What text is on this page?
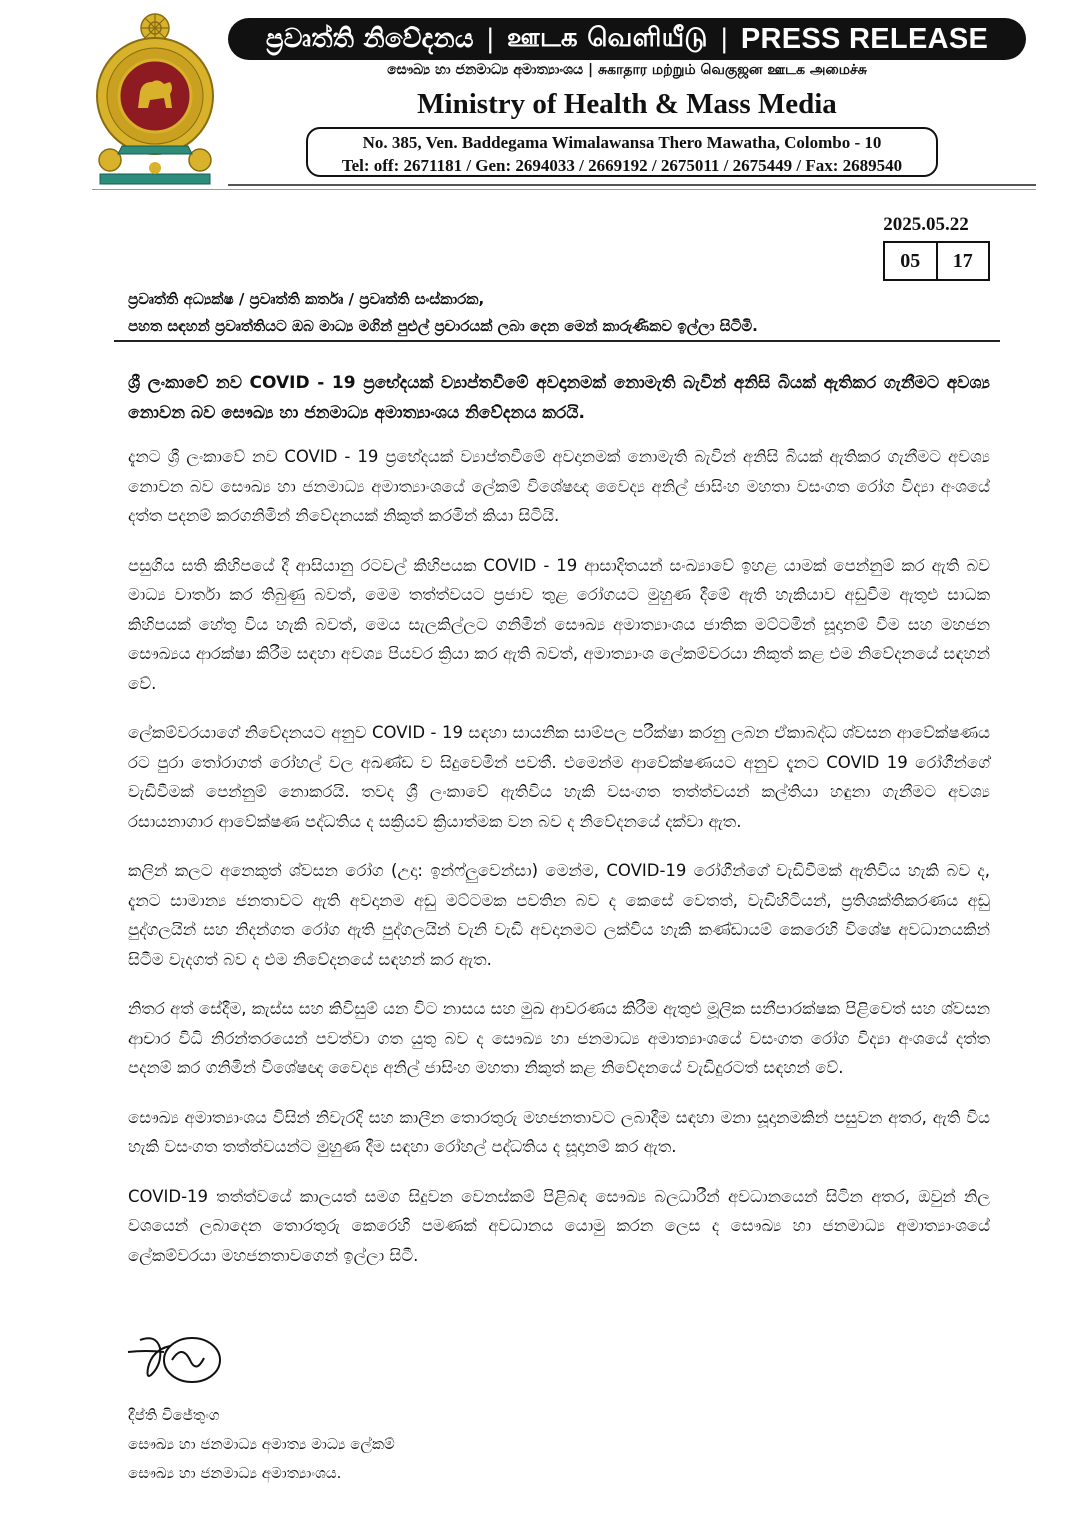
ප්‍රවෘත්ති නිවේදනය | ஊடக வெளியீடு | PRESS RELEASE
සෞඛ්‍ය හා ජනමාධ්‍ය අමාත්‍යාංශය | சுகாதார மற்றும் வெகுஜன ஊடக அமைச்சு
Ministry of Health & Mass Media
No. 385, Ven. Baddegama Wimalawansa Thero Mawatha, Colombo - 10
Tel: off: 2671181 / Gen: 2694033 / 2669192 / 2675011 / 2675449 / Fax: 2689540
2025.05.22
05	17
ප්‍රවෘත්ති අධ්‍යක්ෂ / ප්‍රවෘත්ති කර්තෘ / ප්‍රවෘත්ති සංස්කාරක,
පහත සඳහන් ප්‍රවෘත්තියට ඔබ මාධ්‍ය මගින් පුළුල් ප්‍රචාරයක් ලබා දෙන මෙන් කාරුණිකව ඉල්ලා සිටිමි.
ශ්‍රී ලංකාවේ නව COVID - 19 ප්‍රභේදයක් ව්‍යාප්තවීමේ අවදානමක් නොමැති බැවින් අනිසි බියක් ඇතිකර ගැනීමට අවශ්‍ය නොවන බව සෞඛ්‍ය හා ජනමාධ්‍ය අමාත්‍යාංශය නිවේදනය කරයි.

දැනට ශ්‍රී ලංකාවේ නව COVID - 19 ප්‍රභේදයක් ව්‍යාප්තවීමේ අවදානමක් නොමැති බැවින් අනිසි බියක් ඇතිකර ගැනීමට අවශ්‍ය නොවන බව සෞඛ්‍ය හා ජනමාධ්‍ය අමාත්‍යාංශයේ ලේකම් විශේෂඥ වෛද්‍ය අනිල් ජාසිංහ මහතා වසංගත රෝග විද්‍යා අංශයේ දත්ත පදනම් කරගනිමින් නිවේදනයක් නිකුත් කරමින් කියා සිටියි.

පසුගිය සති කිහිපයේ දී ආසියානු රටවල් කිහිපයක COVID - 19 ආසාදිතයන් සංඛ්‍යාවේ ඉහළ යාමක් පෙන්නුම් කර ඇති බව මාධ්‍ය වාර්තා කර තිබුණු බවත්, මෙම තත්ත්වයට ප්‍රජාව තුළ රෝගයට මුහුණ දීමේ ඇති හැකියාව අඩුවීම ඇතුළු සාධක කිහිපයක් හේතු විය හැකි බවත්, මෙය සැලකිල්ලට ගනිමින් සෞඛ්‍ය අමාත්‍යාංශය ජාතික මට්ටමින් සූදානම් වීම සහ මහජන සෞඛ්‍යය ආරක්ෂා කිරීම සඳහා අවශ්‍ය පියවර ක්‍රියා කර ඇති බවත්, අමාත්‍යාංශ ලේකම්වරයා නිකුත් කළ එම නිවේදනයේ සඳහන් වේ.

ලේකම්වරයාගේ නිවේදනයට අනුව COVID - 19 සඳහා සායනික සාම්පල පරීක්ෂා කරනු ලබන ඒකාබද්ධ ශ්වසන ආවේක්ෂණය රට පුරා තෝරාගත් රෝහල් වල අඛණ්ඩ ව සිදුවෙමින් පවතී. එමෙන්ම ආවේක්ෂණයට අනුව දැනට COVID 19 රෝගීන්ගේ වැඩිවීමක් පෙන්නුම් නොකරයි. තවද ශ්‍රී ලංකාවේ ඇතිවිය හැකි වසංගත තත්ත්වයන් කල්තියා හඳුනා ගැනීමට අවශ්‍ය රසායනාගාර ආවේක්ෂණ පද්ධතිය ද සක්‍රියව ක්‍රියාත්මක වන බව ද නිවේදනයේ දක්වා ඇත.

කලින් කලට අනෙකුත් ශ්වසන රෝග (උදා: ඉන්ෆ්ලුවෙන්සා) මෙන්ම, COVID-19 රෝගීන්ගේ වැඩිවීමක් ඇතිවිය හැකි බව ද, දැනට සාමාන්‍ය ජනතාවට ඇති අවදානම අඩු මට්ටමක පවතින බව ද කෙසේ වෙතත්, වැඩිහිටියන්, ප්‍රතිශක්තිකරණය අඩු පුද්ගලයින් සහ නිදන්ගත රෝග ඇති පුද්ගලයින් වැනි වැඩි අවදානමට ලක්විය හැකි කණ්ඩායම් කෙරෙහි විශේෂ අවධානයකින් සිටීම වැදගත් බව ද එම නිවේදනයේ සඳහන් කර ඇත.

නිතර අත් සේදීම, කැස්ස සහ කිවිසුම් යන විට නාසය සහ මුඛ ආවරණය කිරීම ඇතුළු මූලික සනීපාරක්ෂක පිළිවෙත් සහ ශ්වසන ආචාර විධි නිරන්තරයෙන් පවත්වා ගත යුතු බව ද සෞඛ්‍ය හා ජනමාධ්‍ය අමාත්‍යාංශයේ වසංගත රෝග විද්‍යා අංශයේ දත්ත පදනම් කර ගනිමින් විශේෂඥ වෛද්‍ය අනිල් ජාසිංහ මහතා නිකුත් කළ නිවේදනයේ වැඩිදුරටත් සඳහන් වේ.

සෞඛ්‍ය අමාත්‍යාංශය විසින් නිවැරදි සහ කාලීන තොරතුරු මහජනතාවට ලබාදීම සඳහා මනා සූදානමකින් පසුවන අතර, ඇති විය හැකි වසංගත තත්ත්වයන්ට මුහුණ දීම සඳහා රෝහල් පද්ධතිය ද සූදානම් කර ඇත.

COVID-19 තත්ත්වයේ කාලයත් සමග සිදුවන වෙනස්කම් පිළිබඳ සෞඛ්‍ය බලධාරීන් අවධානයෙන් සිටින අතර, ඔවුන් නිල වශයෙන් ලබාදෙන තොරතුරු කෙරෙහි පමණක් අවධානය යොමු කරන ලෙස ද සෞඛ්‍ය හා ජනමාධ්‍ය අමාත්‍යාංශයේ ලේකම්වරයා මහජනතාවගෙන් ඉල්ලා සිටී.

දීප්ති විජේතුංග
සෞඛ්‍ය හා ජනමාධ්‍ය අමාත්‍ය මාධ්‍ය ලේකම්
සෞඛ්‍ය හා ජනමාධ්‍ය අමාත්‍යාංශය.
